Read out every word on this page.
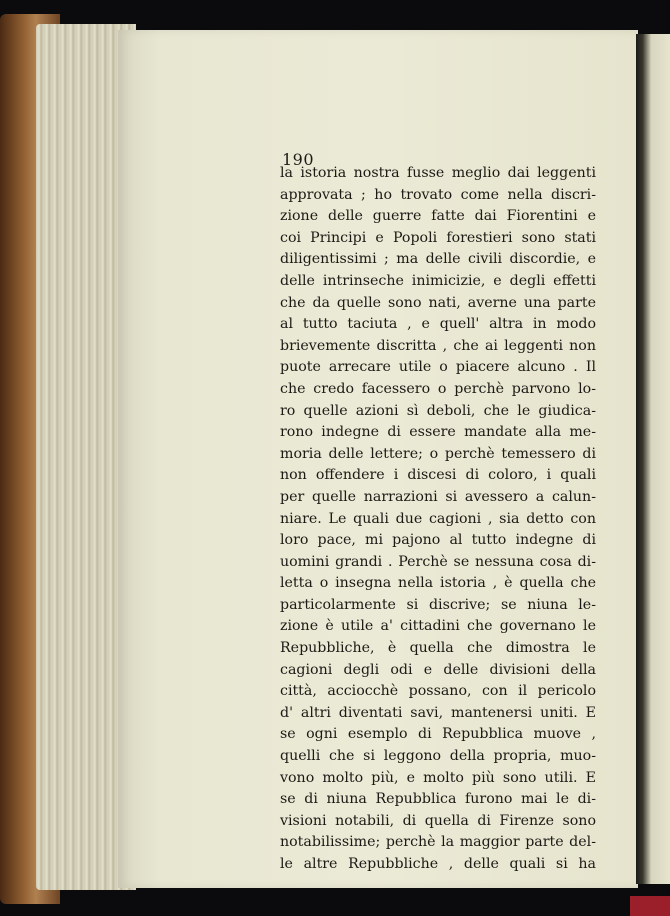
190
la istoria nostra fusse meglio dai leggenti
approvata ; ho trovato come nella discri-
zione delle guerre fatte dai Fiorentini e
coi Principi e Popoli forestieri sono stati
diligentissimi ; ma delle civili discordie, e
delle intrinseche inimicizie, e degli effetti
che da quelle sono nati, averne una parte
al tutto taciuta , e quell' altra in modo
brievemente discritta , che ai leggenti non
puote arrecare utile o piacere alcuno . Il
che credo facessero o perchè parvono lo-
ro quelle azioni sì deboli, che le giudica-
rono indegne di essere mandate alla me-
moria delle lettere; o perchè temessero di
non offendere i discesi di coloro, i quali
per quelle narrazioni si avessero a calun-
niare. Le quali due cagioni , sia detto con
loro pace, mi pajono al tutto indegne di
uomini grandi . Perchè se nessuna cosa di-
letta o insegna nella istoria , è quella che
particolarmente si discrive; se niuna le-
zione è utile a' cittadini che governano le
Repubbliche, è quella che dimostra le
cagioni degli odi e delle divisioni della
città, acciocchè possano, con il pericolo
d' altri diventati savi, mantenersi uniti. E
se ogni esemplo di Repubblica muove ,
quelli che si leggono della propria, muo-
vono molto più, e molto più sono utili. E
se di niuna Repubblica furono mai le di-
visioni notabili, di quella di Firenze sono
notabilissime; perchè la maggior parte del-
le altre Repubbliche , delle quali si ha
